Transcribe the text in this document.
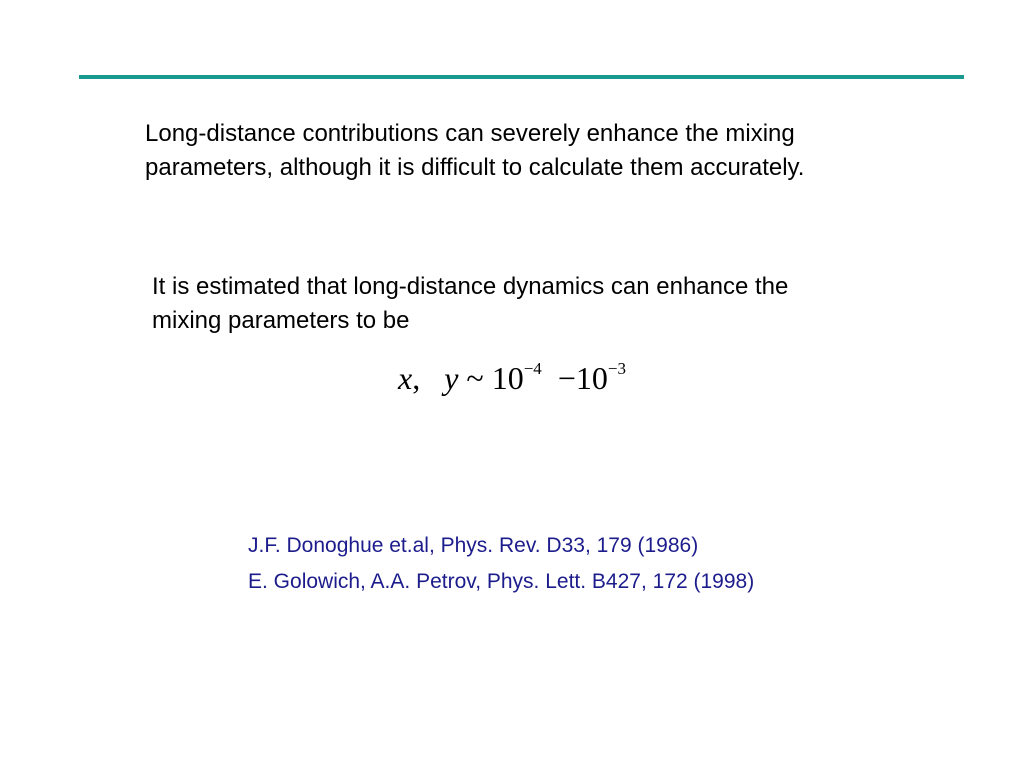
Long-distance contributions can severely enhance the mixing parameters, although it is difficult to calculate them accurately.

It is estimated that long-distance dynamics can enhance the mixing parameters to be

x, y ~ $10^{-4} -10^{-3}$

J.F. Donoghue et.al, Phys. Rev. D33, 179 (1986)

E. Golowich, A.A. Petrov, Phys. Lett. B427, 172 (1998)
